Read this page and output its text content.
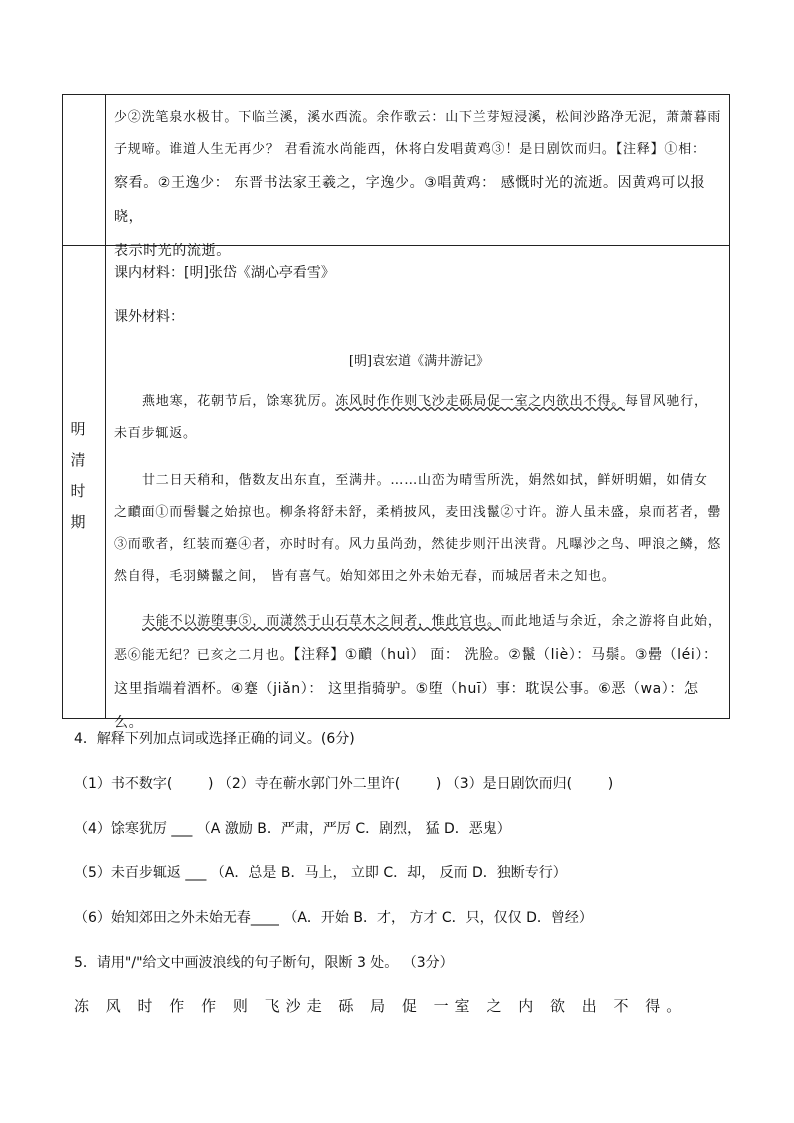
少②洗笔泉水极甘。下临兰溪，溪水西流。余作歌云：山下兰芽短浸溪，松间沙路净无泥，萧萧暮雨
子规啼。谁道人生无再少？ 君看流水尚能西，休将白发唱黄鸡③！是日剧饮而归。【注释】①相：
察看。②王逸少： 东晋书法家王羲之，字逸少。③唱黄鸡： 感慨时光的流逝。因黄鸡可以报晓，
表示时光的流逝。
明
清
时
期
课内材料：[明]张岱《湖心亭看雪》
课外材料：
[明]袁宏道《满井游记》
燕地寒，花朝节后，馀寒犹厉。冻风时作作则飞沙走砾局促一室之内欲出不得。每冒风驰行，
未百步辄返。
廿二日天稍和，偕数友出东直，至满井。……山峦为晴雪所洗，娟然如拭，鲜妍明媚，如倩女
之靧面①而髻鬟之始掠也。柳条将舒未舒，柔梢披风，麦田浅鬣②寸许。游人虽未盛，泉而茗者，罍
③而歌者，红装而蹇④者，亦时时有。风力虽尚劲，然徒步则汗出浃背。凡曝沙之鸟、呷浪之鳞，悠
然自得，毛羽鳞鬣之间， 皆有喜气。始知郊田之外未始无春，而城居者未之知也。
夫能不以游堕事⑤，而潇然于山石草木之间者，惟此官也。而此地适与余近，余之游将自此始，
恶⑥能无纪？已亥之二月也。【注释】①靧（huì） 面： 洗脸。②鬣（liè）：马鬃。③罍（léi）：
这里指端着酒杯。④蹇（jiǎn）： 这里指骑驴。⑤堕（huī）事：耽误公事。⑥恶（wa）：怎么。
4．解释下列加点词或选择正确的词义。(6分)
（1）书不数字(        ) （2）寺在蕲水郭门外二里许(        ) （3）是日剧饮而归(        )
（4）馀寒犹厉 ___ （A 激励 B．严肃，严厉 C．剧烈， 猛 D．恶鬼）
（5）未百步辄返 ___ （A．总是 B．马上， 立即 C．却， 反而 D．独断专行）
（6）始知郊田之外未始无春____ （A．开始 B．才， 方才 C．只，仅仅 D．曾经）
5．请用"/"给文中画波浪线的句子断句，限断 3 处。 （3分）
冻 风 时 作 作 则 飞沙走 砾 局 促 一室 之 内 欲 出 不 得。
